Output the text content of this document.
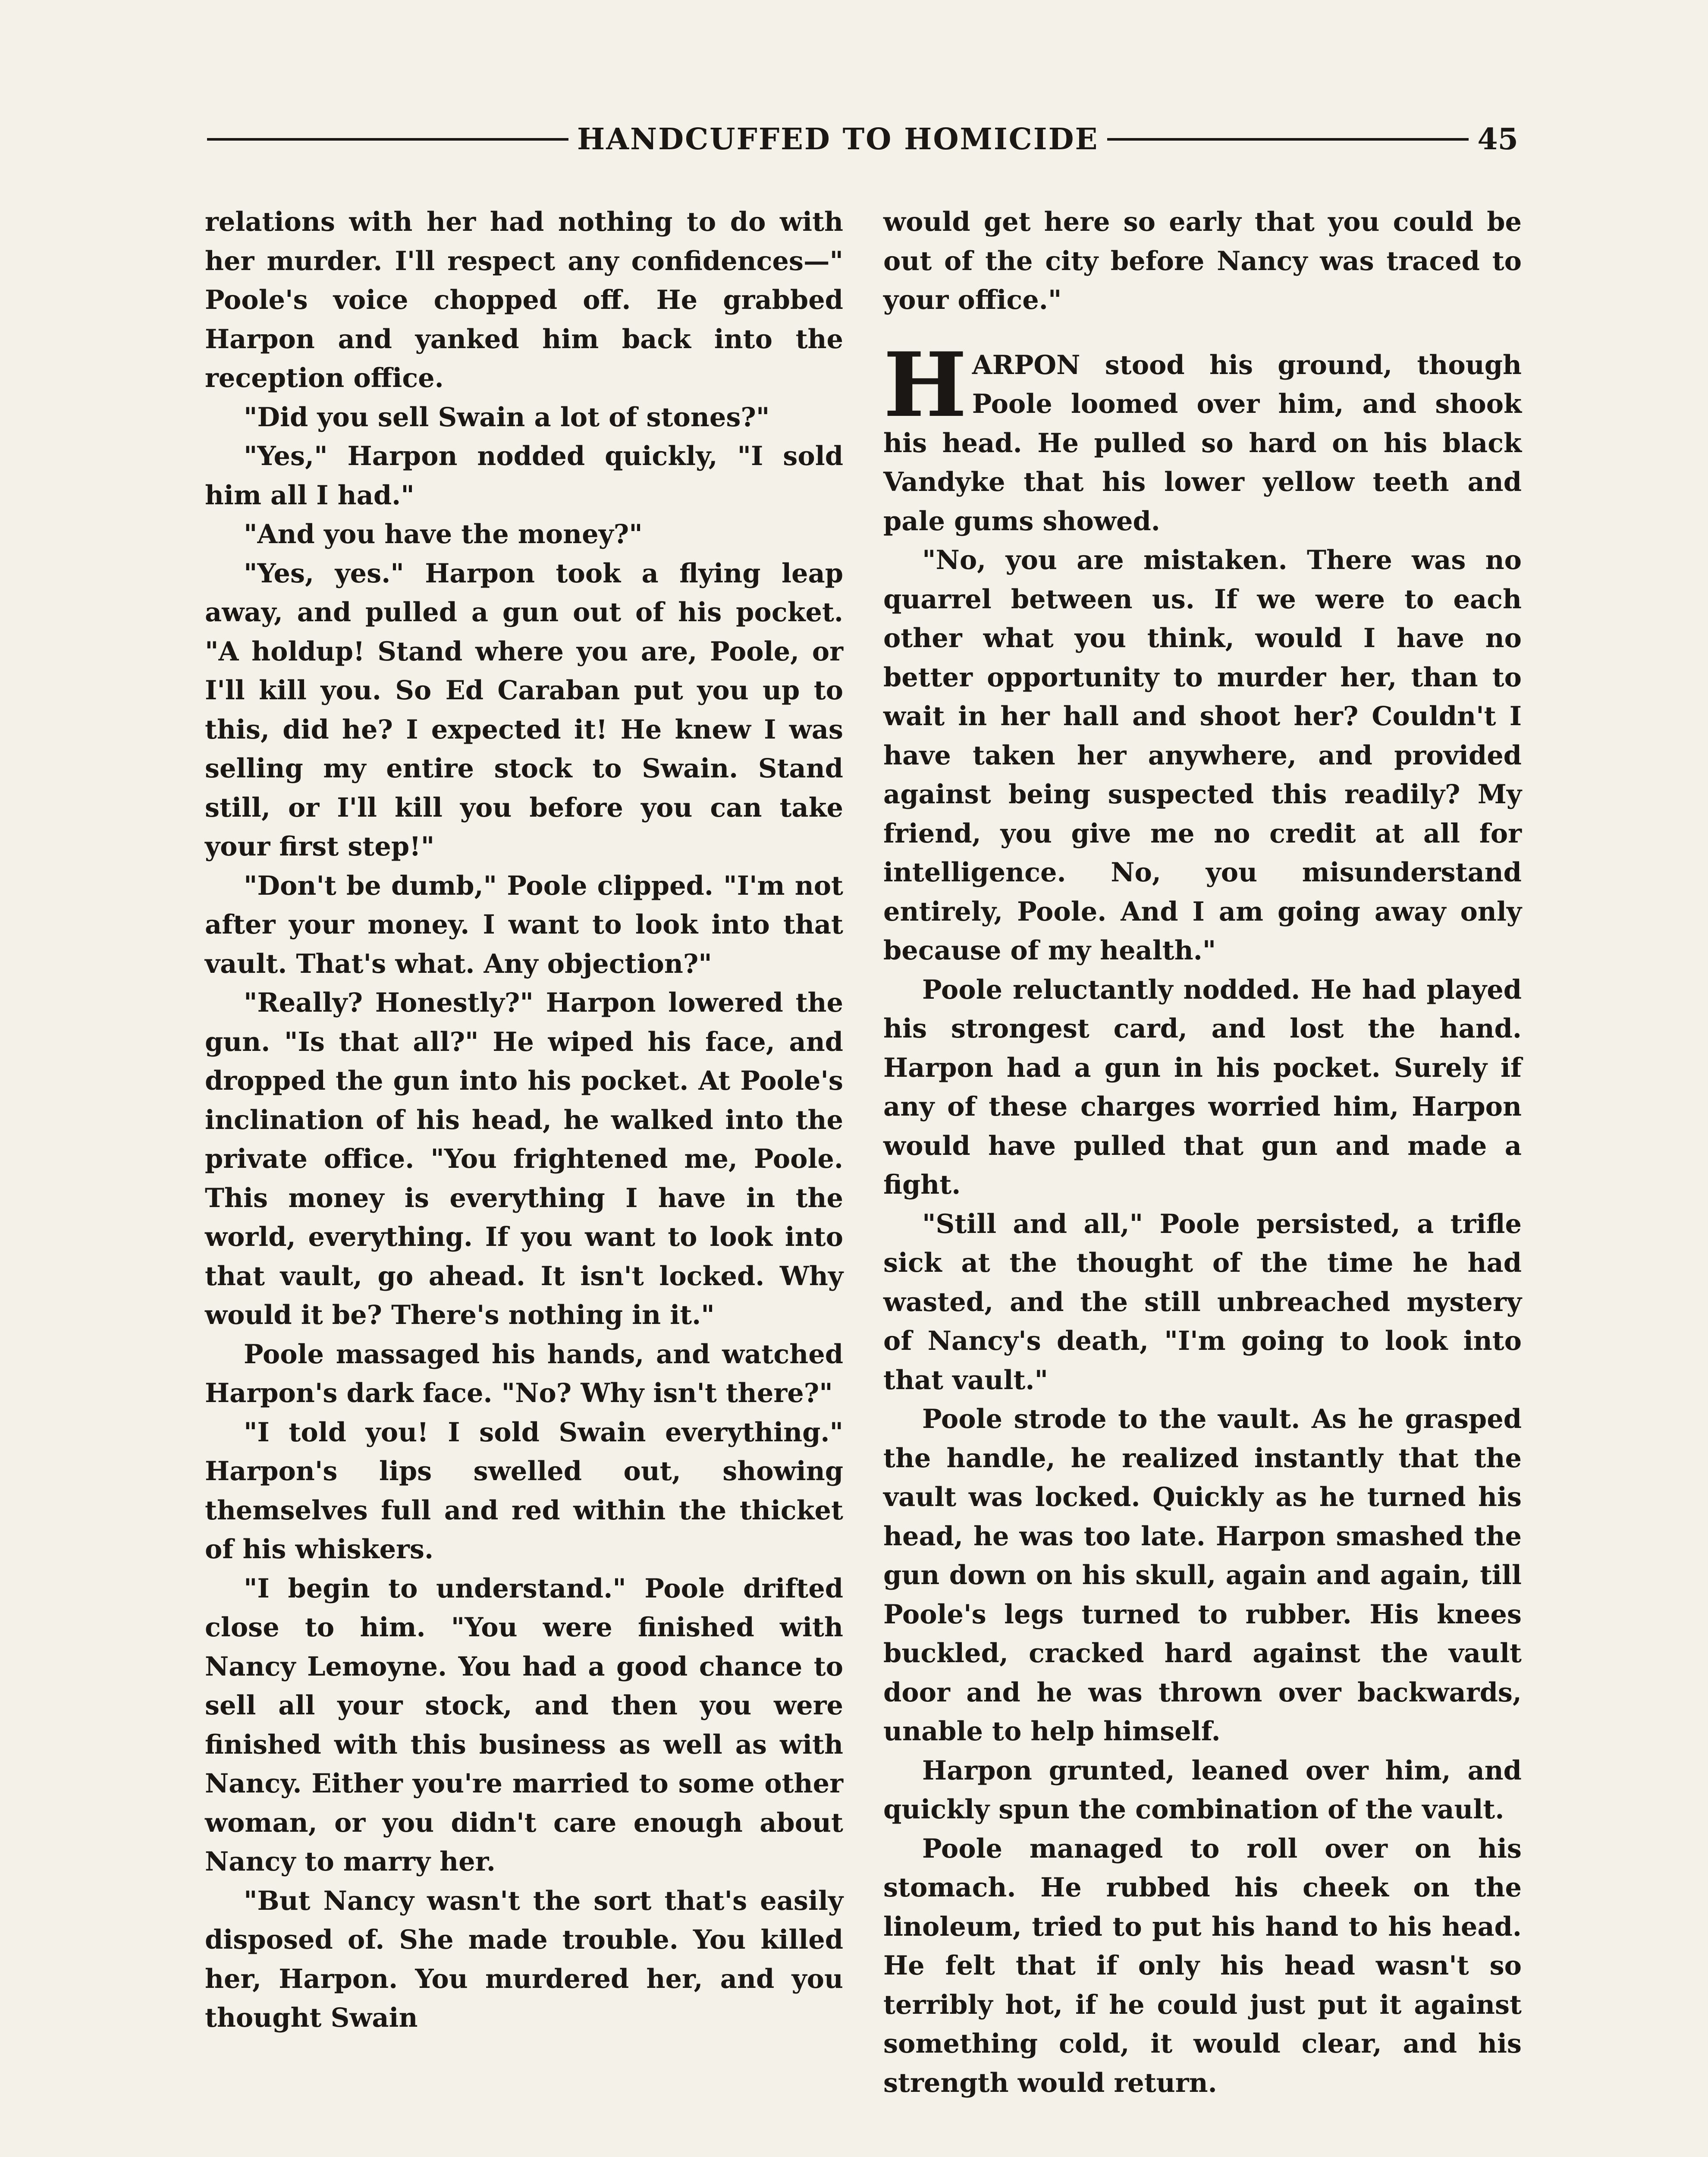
HANDCUFFED TO HOMICIDE	45

relations with her had nothing to do with her murder. I'll respect any confidences—" Poole's voice chopped off. He grabbed Harpon and yanked him back into the reception office.

"Did you sell Swain a lot of stones?"

"Yes," Harpon nodded quickly, "I sold him all I had."

"And you have the money?"

"Yes, yes." Harpon took a flying leap away, and pulled a gun out of his pocket. "A holdup! Stand where you are, Poole, or I'll kill you. So Ed Caraban put you up to this, did he? I expected it! He knew I was selling my entire stock to Swain. Stand still, or I'll kill you before you can take your first step!"

"Don't be dumb," Poole clipped. "I'm not after your money. I want to look into that vault. That's what. Any objection?"

"Really? Honestly?" Harpon lowered the gun. "Is that all?" He wiped his face, and dropped the gun into his pocket. At Poole's inclination of his head, he walked into the private office. "You frightened me, Poole. This money is everything I have in the world, everything. If you want to look into that vault, go ahead. It isn't locked. Why would it be? There's nothing in it."

Poole massaged his hands, and watched Harpon's dark face. "No? Why isn't there?"

"I told you! I sold Swain everything." Harpon's lips swelled out, showing themselves full and red within the thicket of his whiskers.

"I begin to understand." Poole drifted close to him. "You were finished with Nancy Lemoyne. You had a good chance to sell all your stock, and then you were finished with this business as well as with Nancy. Either you're married to some other woman, or you didn't care enough about Nancy to marry her.

"But Nancy wasn't the sort that's easily disposed of. She made trouble. You killed her, Harpon. You murdered her, and you thought Swain

would get here so early that you could be out of the city before Nancy was traced to your office."

HARPON stood his ground, though Poole loomed over him, and shook his head. He pulled so hard on his black Vandyke that his lower yellow teeth and pale gums showed.

"No, you are mistaken. There was no quarrel between us. If we were to each other what you think, would I have no better opportunity to murder her, than to wait in her hall and shoot her? Couldn't I have taken her anywhere, and provided against being suspected this readily? My friend, you give me no credit at all for intelligence. No, you misunderstand entirely, Poole. And I am going away only because of my health."

Poole reluctantly nodded. He had played his strongest card, and lost the hand. Harpon had a gun in his pocket. Surely if any of these charges worried him, Harpon would have pulled that gun and made a fight.

"Still and all," Poole persisted, a trifle sick at the thought of the time he had wasted, and the still unbreached mystery of Nancy's death, "I'm going to look into that vault."

Poole strode to the vault. As he grasped the handle, he realized instantly that the vault was locked. Quickly as he turned his head, he was too late. Harpon smashed the gun down on his skull, again and again, till Poole's legs turned to rubber. His knees buckled, cracked hard against the vault door and he was thrown over backwards, unable to help himself.

Harpon grunted, leaned over him, and quickly spun the combination of the vault.

Poole managed to roll over on his stomach. He rubbed his cheek on the linoleum, tried to put his hand to his head. He felt that if only his head wasn't so terribly hot, if he could just put it against something cold, it would clear, and his strength would return.
